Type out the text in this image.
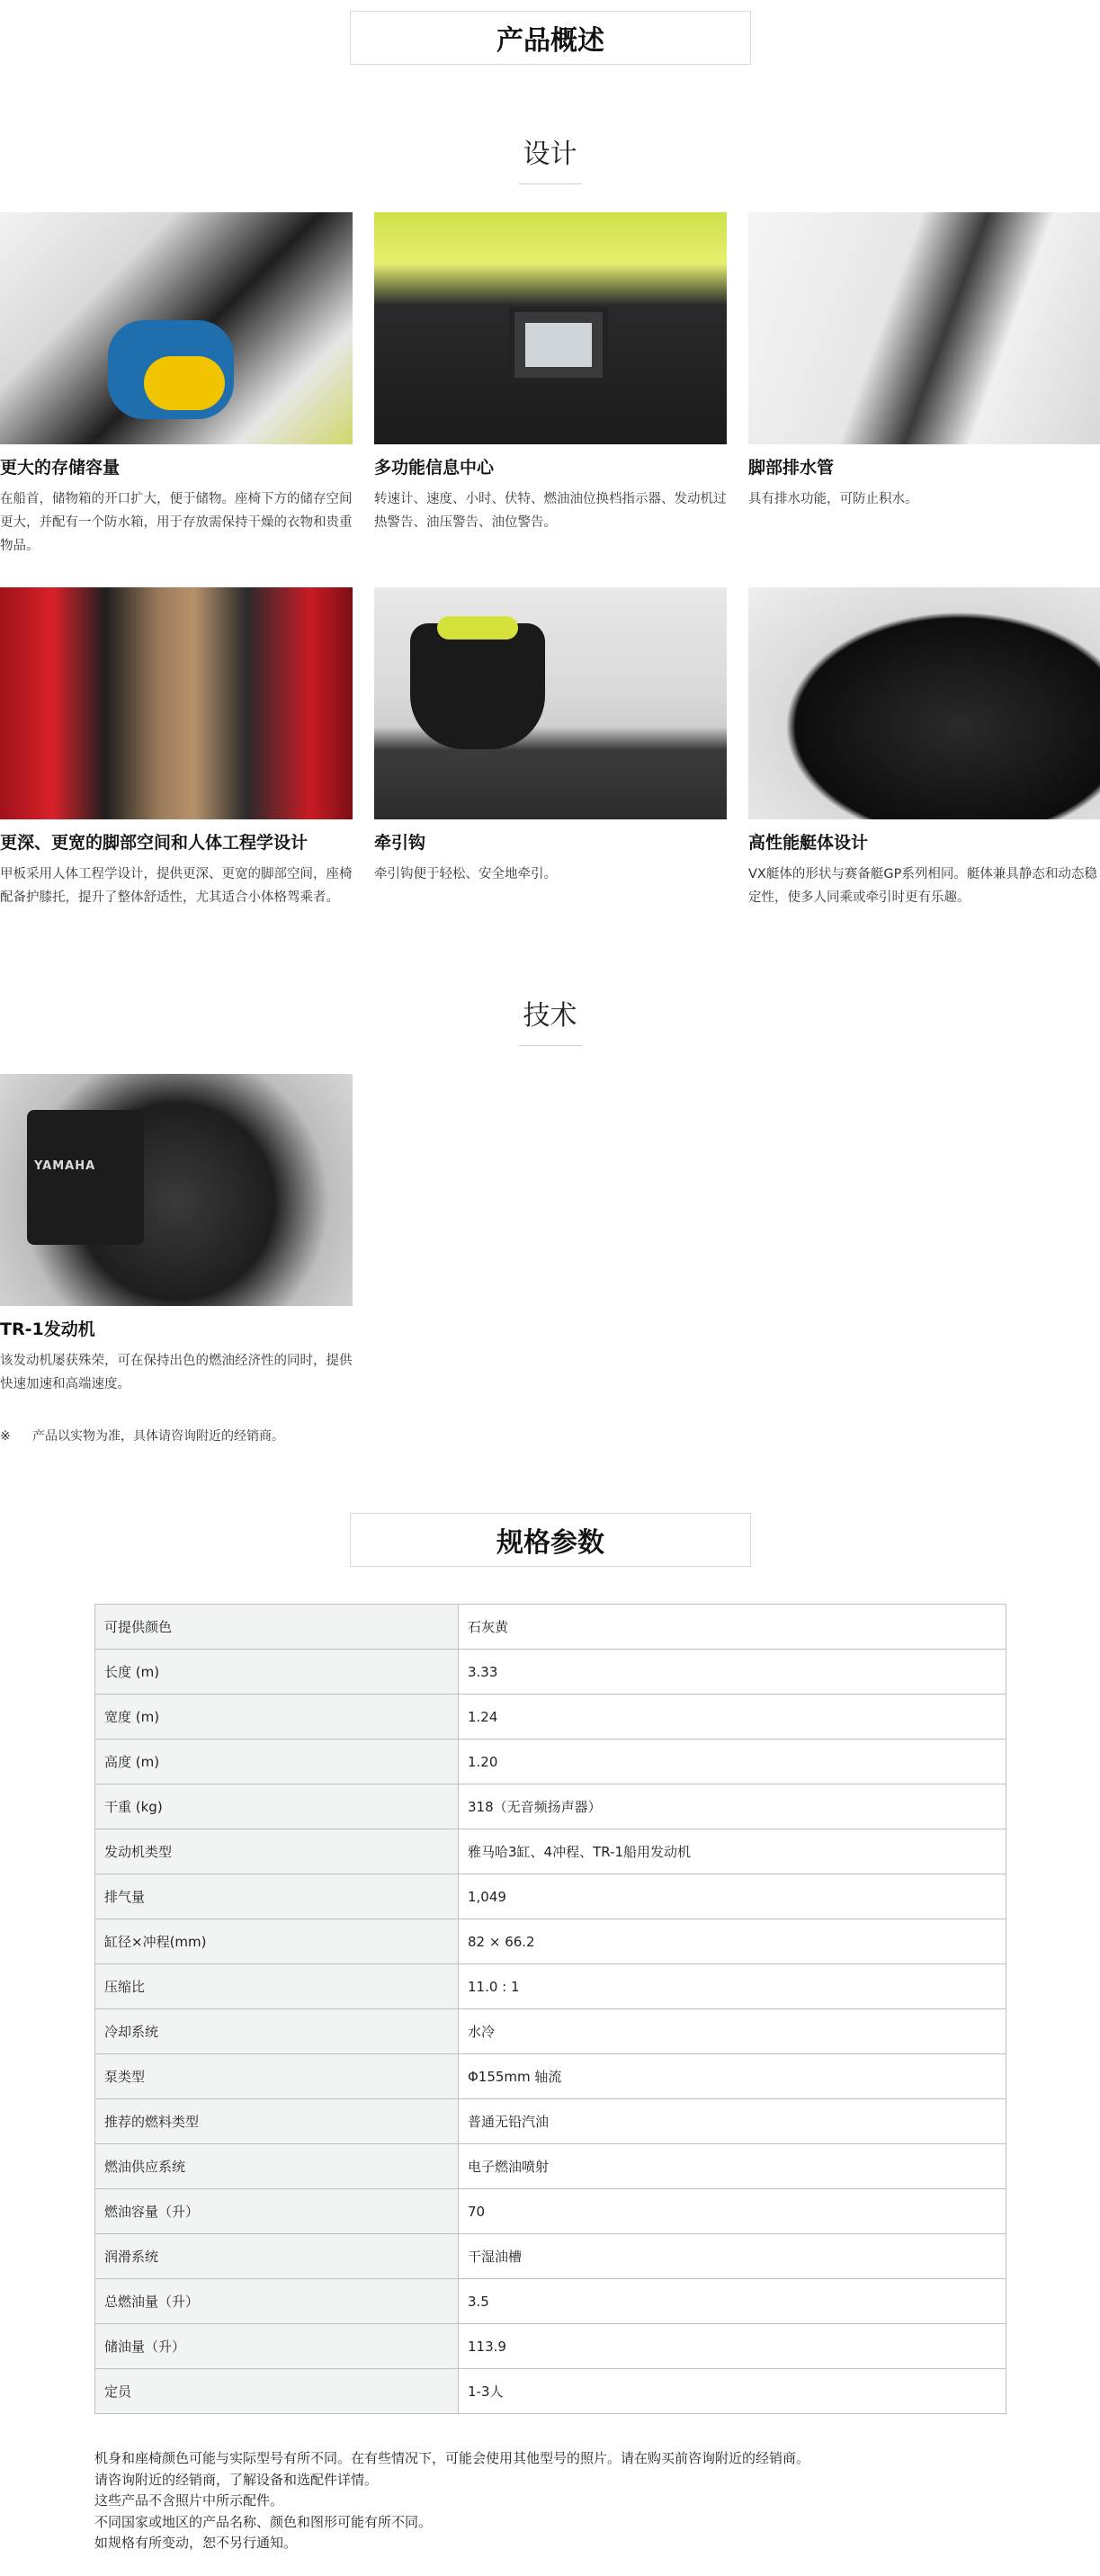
产品概述
设计
更大的存储容量
在船首，储物箱的开口扩大，便于储物。座椅下方的储存空间更大，并配有一个防水箱，用于存放需保持干燥的衣物和贵重物品。
多功能信息中心
转速计、速度、小时、伏特、燃油油位换档指示器、发动机过热警告、油压警告、油位警告。
脚部排水管
具有排水功能，可防止积水。
更深、更宽的脚部空间和人体工程学设计
甲板采用人体工程学设计，提供更深、更宽的脚部空间，座椅配备护膝托，提升了整体舒适性，尤其适合小体格驾乘者。
牵引钩
牵引钩便于轻松、安全地牵引。
高性能艇体设计
VX艇体的形状与赛备艇GP系列相同。艇体兼具静态和动态稳定性，使多人同乘或牵引时更有乐趣。
技术
YAMAHA
TR-1发动机
该发动机屡获殊荣，可在保持出色的燃油经济性的同时，提供快速加速和高端速度。
※ 产品以实物为准，具体请咨询附近的经销商。
规格参数
可提供颜色	石灰黄
长度 (m)	3.33
宽度 (m)	1.24
高度 (m)	1.20
干重 (kg)	318（无音频扬声器）
发动机类型	雅马哈3缸、4冲程、TR-1船用发动机
排气量	1,049
缸径×冲程(mm)	82 × 66.2
压缩比	11.0 : 1
冷却系统	水冷
泵类型	Φ155mm 轴流
推荐的燃料类型	普通无铅汽油
燃油供应系统	电子燃油喷射
燃油容量（升）	70
润滑系统	干湿油槽
总燃油量（升）	3.5
储油量（升）	113.9
定员	1-3人
机身和座椅颜色可能与实际型号有所不同。在有些情况下，可能会使用其他型号的照片。请在购买前咨询附近的经销商。
请咨询附近的经销商，了解设备和选配件详情。
这些产品不含照片中所示配件。
不同国家或地区的产品名称、颜色和图形可能有所不同。
如规格有所变动，恕不另行通知。
